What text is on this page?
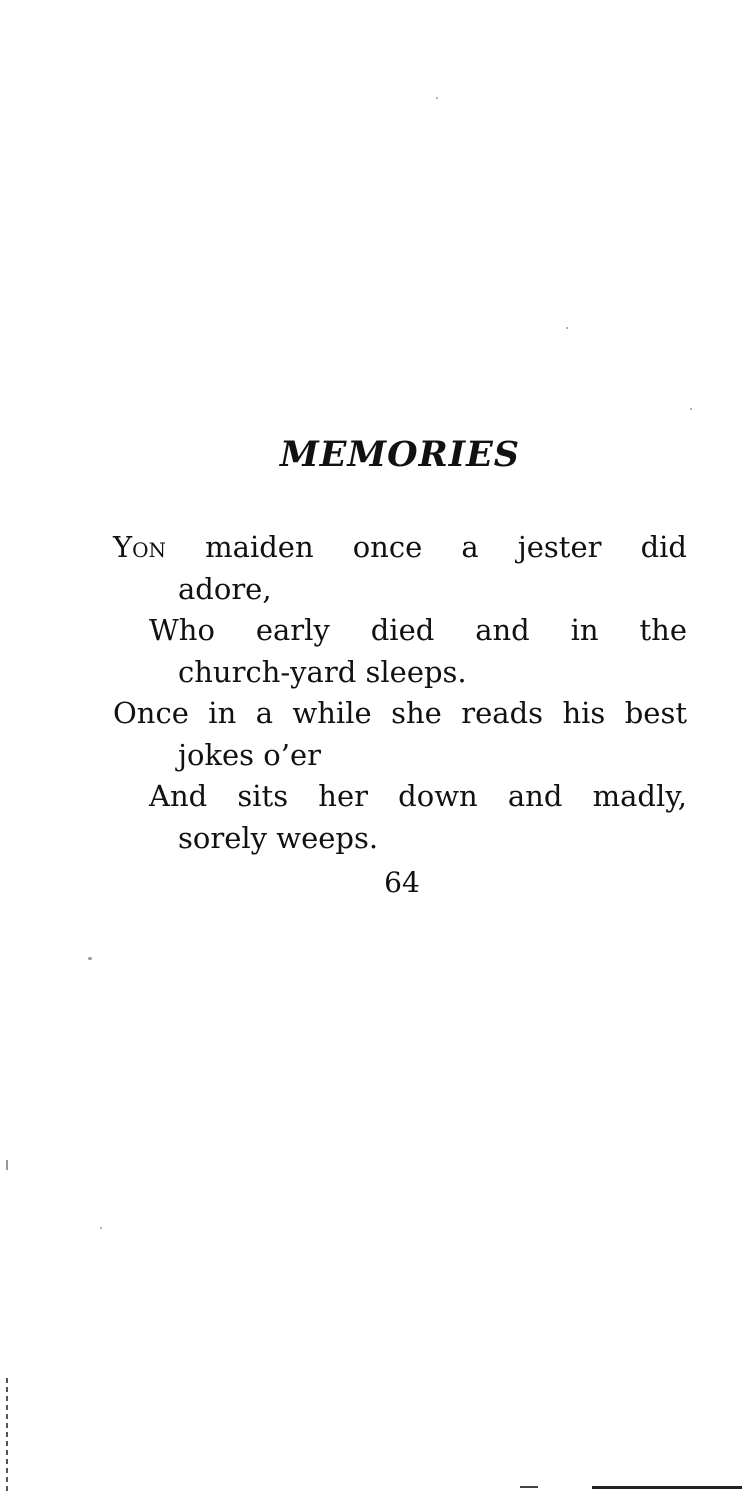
MEMORIES

Yon maiden once a jester did

adore,

Who early died and in the

church-yard sleeps.

Once in a while she reads his best

jokes o’er

And sits her down and madly,

sorely weeps.

64
